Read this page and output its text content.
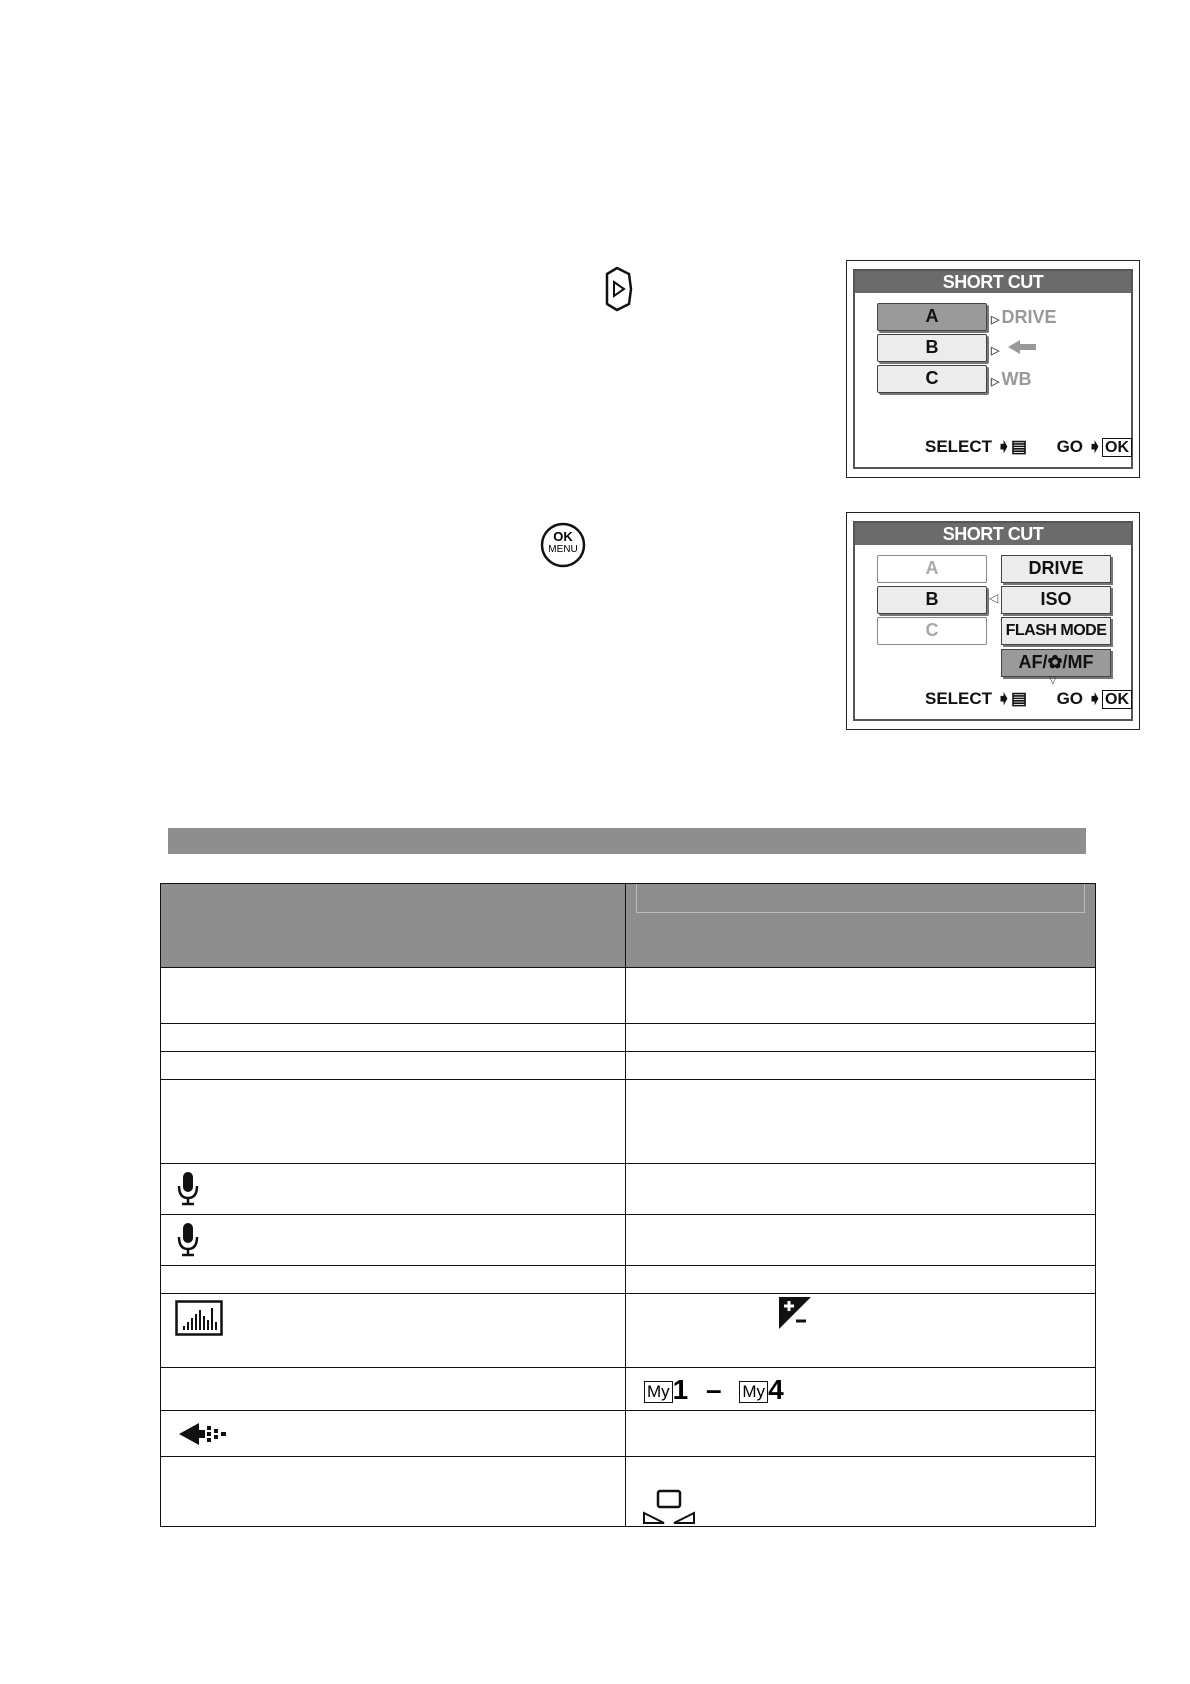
OK
MENU
SHORT CUT
A
B
C
▷ DRIVE
▷
▷ WB
SELECT ➧▤ GO ➧ OK
SHORT CUT
A
B
C
◁
DRIVE
ISO
FLASH MODE
AF/✿/MF
▽
SELECT ➧▤ GO ➧ OK

	My 1 – My 4
